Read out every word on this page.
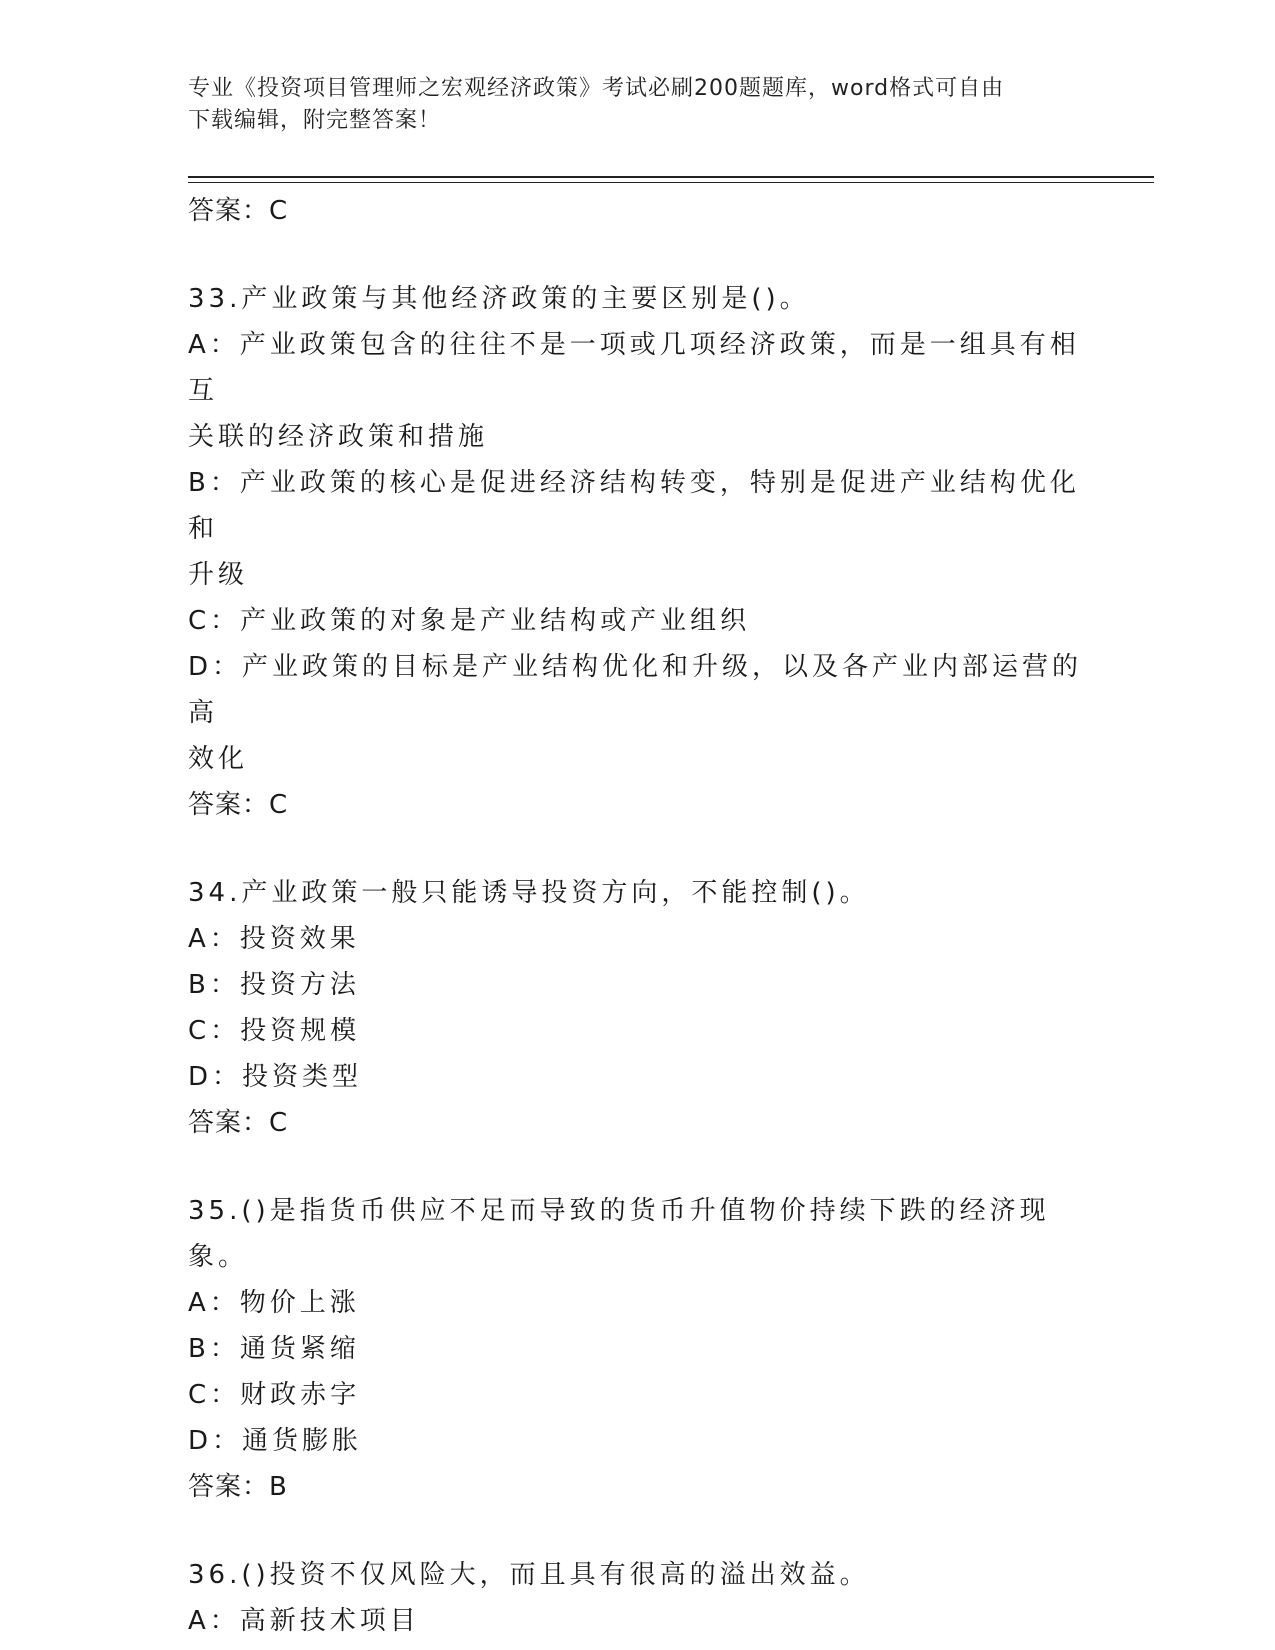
专业《投资项目管理师之宏观经济政策》考试必刷200题题库，word格式可自由
下载编辑，附完整答案！
答案：C
33.产业政策与其他经济政策的主要区别是()。
A：产业政策包含的往往不是一项或几项经济政策，而是一组具有相互
关联的经济政策和措施
B：产业政策的核心是促进经济结构转变，特别是促进产业结构优化和
升级
C：产业政策的对象是产业结构或产业组织
D：产业政策的目标是产业结构优化和升级，以及各产业内部运营的高
效化
答案：C
34.产业政策一般只能诱导投资方向，不能控制()。
A：投资效果
B：投资方法
C：投资规模
D：投资类型
答案：C
35.()是指货币供应不足而导致的货币升值物价持续下跌的经济现象。
A：物价上涨
B：通货紧缩
C：财政赤字
D：通货膨胀
答案：B
36.()投资不仅风险大，而且具有很高的溢出效益。
A：高新技术项目
